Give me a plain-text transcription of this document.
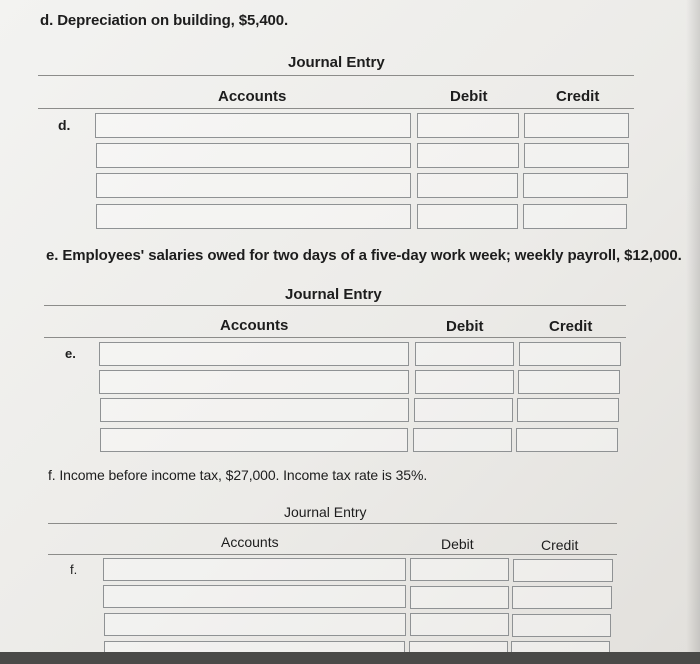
d. Depreciation on building, $5,400.
Journal Entry
Accounts	Debit	Credit
d.
e. Employees' salaries owed for two days of a five-day work week; weekly payroll, $12,000.
Journal Entry
Accounts	Debit	Credit
e.
f. Income before income tax, $27,000. Income tax rate is 35%.
Journal Entry
Accounts	Debit	Credit
f.
